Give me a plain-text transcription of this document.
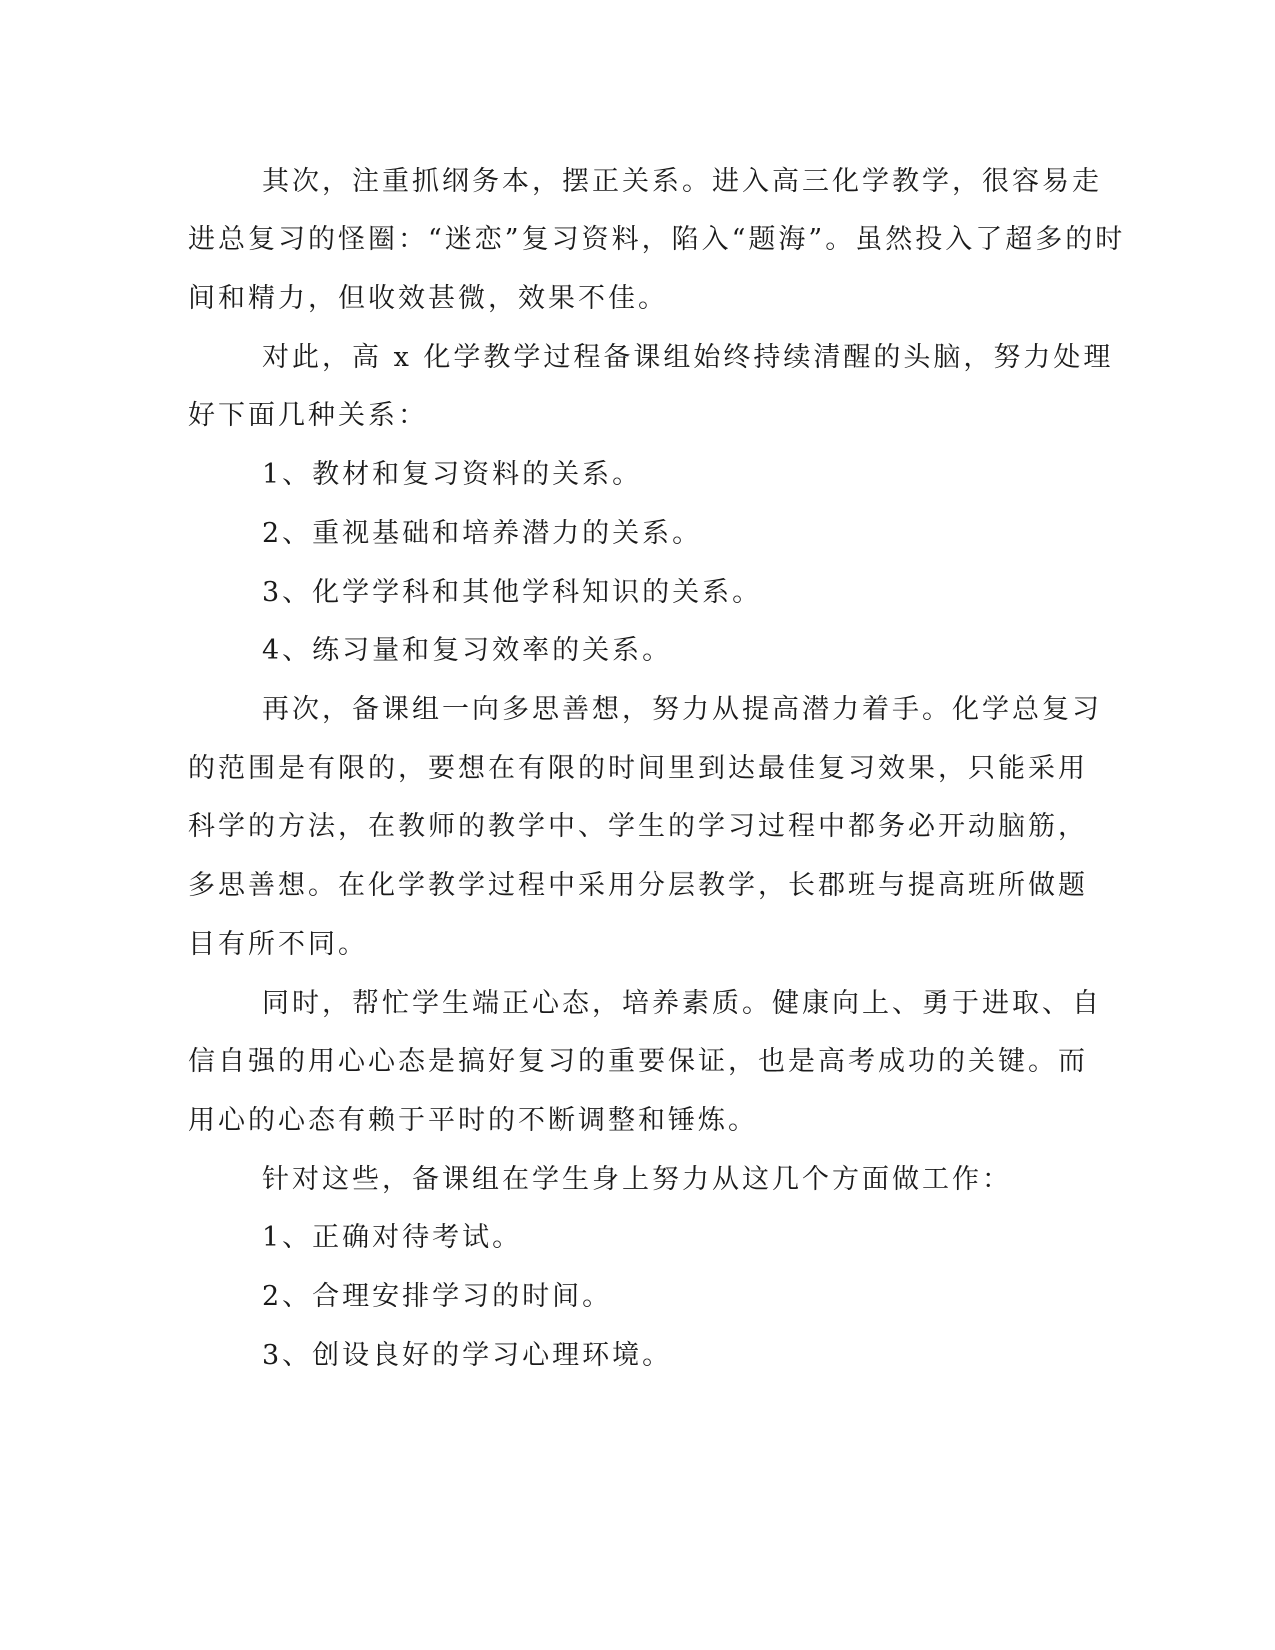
其次，注重抓纲务本，摆正关系。进入高三化学教学，很容易走
进总复习的怪圈：“迷恋”复习资料，陷入“题海”。虽然投入了超多的时
间和精力，但收效甚微，效果不佳。
对此，高 x 化学教学过程备课组始终持续清醒的头脑，努力处理
好下面几种关系：
1、教材和复习资料的关系。
2、重视基础和培养潜力的关系。
3、化学学科和其他学科知识的关系。
4、练习量和复习效率的关系。
再次，备课组一向多思善想，努力从提高潜力着手。化学总复习
的范围是有限的，要想在有限的时间里到达最佳复习效果，只能采用
科学的方法，在教师的教学中、学生的学习过程中都务必开动脑筋，
多思善想。在化学教学过程中采用分层教学，长郡班与提高班所做题
目有所不同。
同时，帮忙学生端正心态，培养素质。健康向上、勇于进取、自
信自强的用心心态是搞好复习的重要保证，也是高考成功的关键。而
用心的心态有赖于平时的不断调整和锤炼。
针对这些，备课组在学生身上努力从这几个方面做工作：
1、正确对待考试。
2、合理安排学习的时间。
3、创设良好的学习心理环境。
